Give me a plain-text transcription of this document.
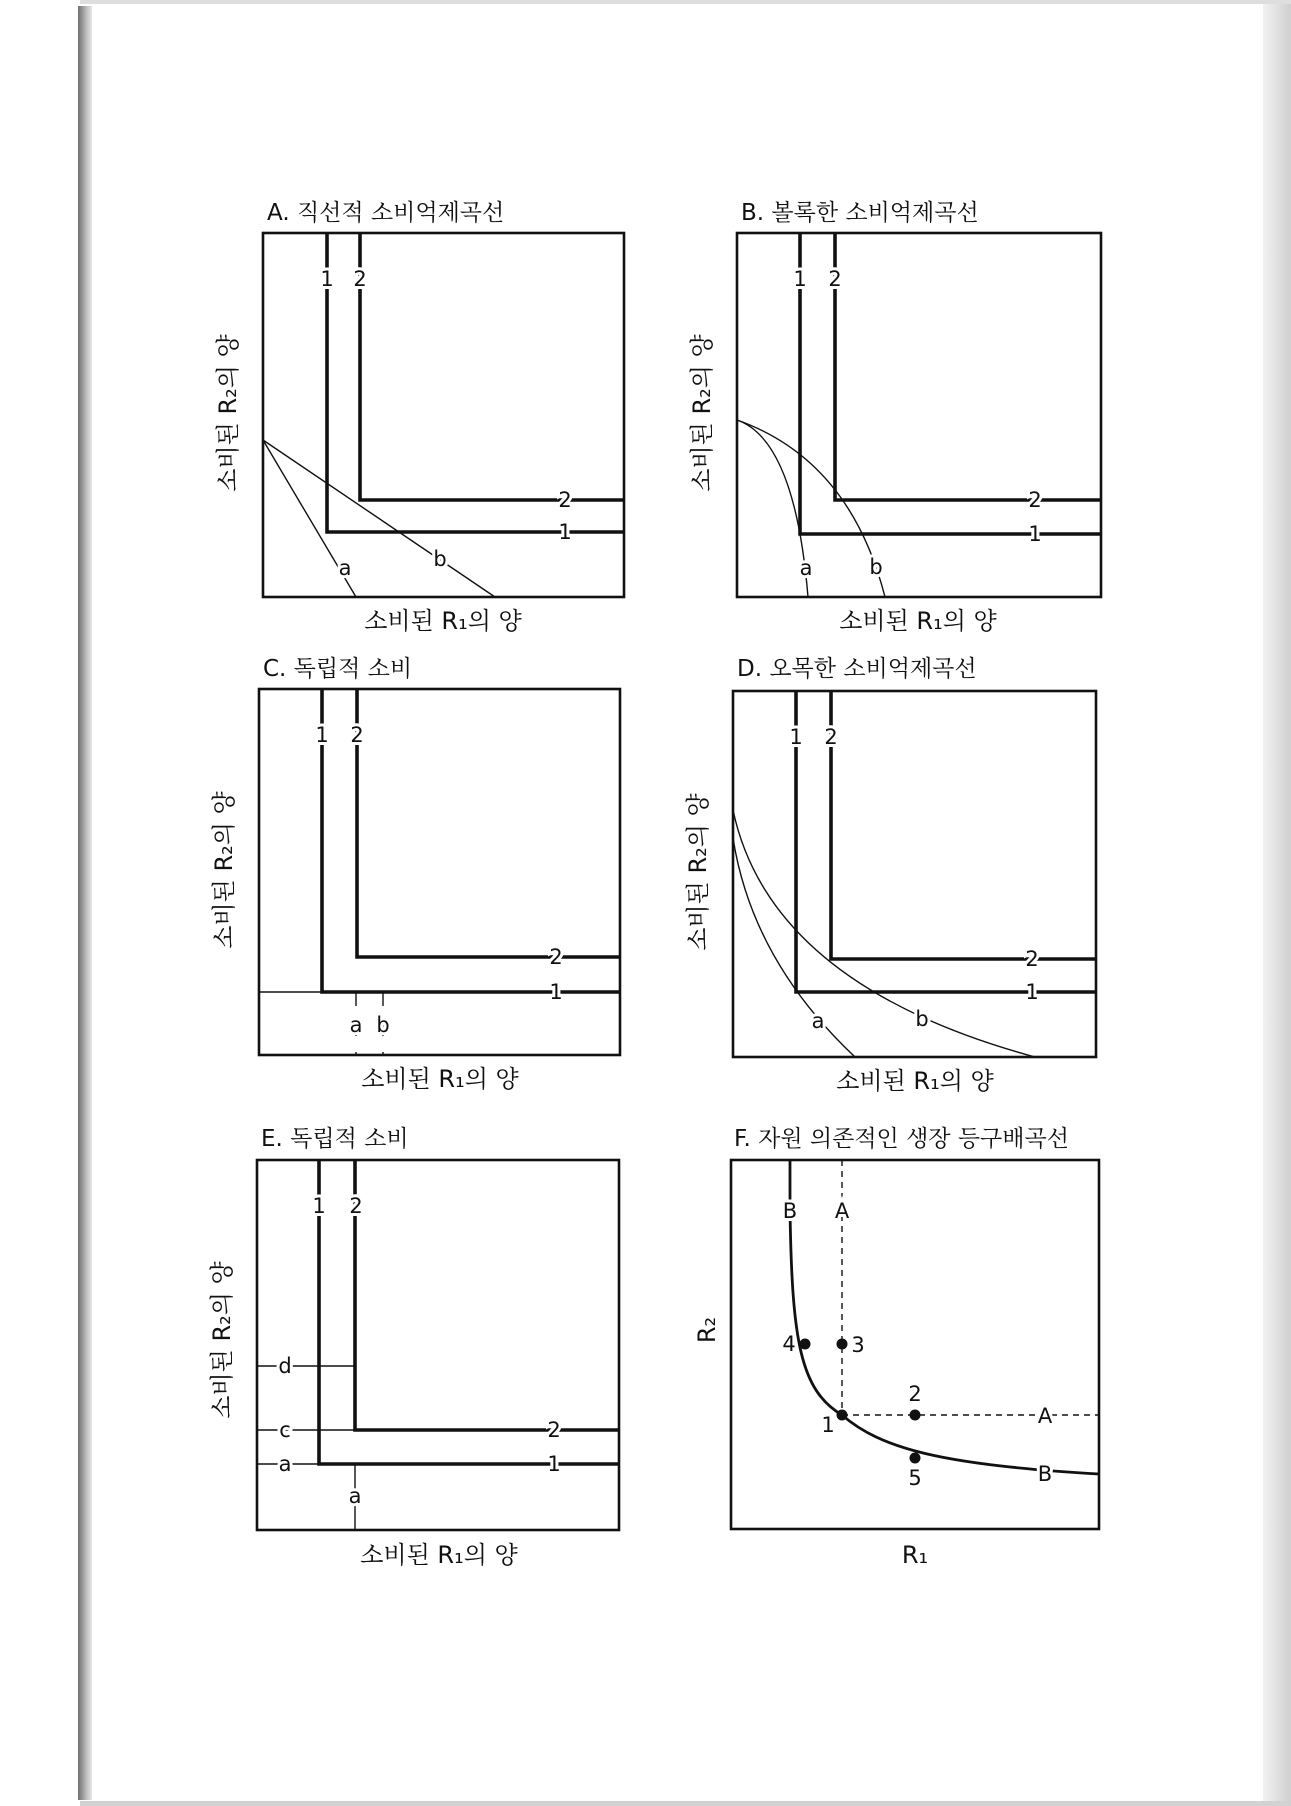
A. 직선적 소비억제곡선
1 2
2
1
a	b
소비된 R₁의 양
소비된 R₂의 양
B. 볼록한 소비억제곡선
1 2
2
1
a	b
소비된 R₁의 양
소비된 R₂의 양
C. 독립적 소비
1 2
2
1
a b
소비된 R₁의 양
소비된 R₂의 양
D. 오목한 소비억제곡선
1 2
2
1
a	b
소비된 R₁의 양
소비된 R₂의 양
E. 독립적 소비
1 2
2
1
d
c
a
a
소비된 R₁의 양
소비된 R₂의 양
F. 자원 의존적인 생장 등구배곡선
1
2
3
4
5
A
B
A
B
R₁
R₂
